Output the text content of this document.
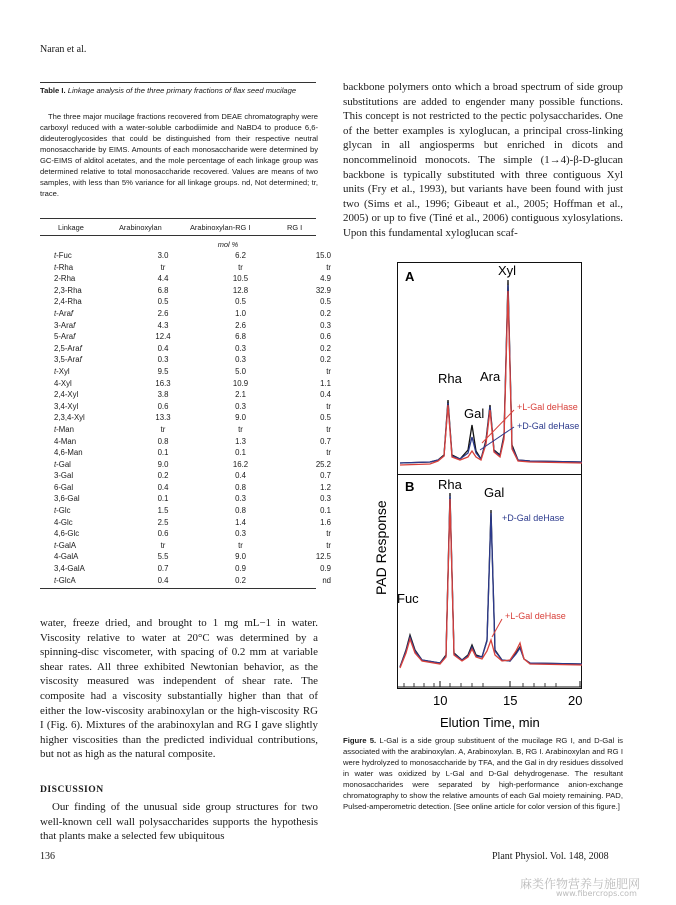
Naran et al.
Table I. Linkage analysis of the three primary fractions of flax seed mucilage
The three major mucilage fractions recovered from DEAE chromatography were carboxyl reduced with a water-soluble carbodiimide and NaBD4 to produce 6,6-dideuteroglycosides that could be distinguished from their respective neutral monosaccharide by EIMS. Amounts of each monosaccharide were determined by GC-EIMS of alditol acetates, and the mole percentage of each linkage group was determined relative to total monosaccharide recovered. Values are means of two samples, with less than 5% variance for all linkage groups. nd, Not determined; tr, trace.
Linkage	Arabinoxylan	Arabinoxylan-RG I	RG I
mol %
t-Fuc	3.0	6.2	15.0
t-Rha	tr	tr	tr
2-Rha	4.4	10.5	4.9
2,3-Rha	6.8	12.8	32.9
2,4-Rha	0.5	0.5	0.5
t-Araf	2.6	1.0	0.2
3-Araf	4.3	2.6	0.3
5-Araf	12.4	6.8	0.6
2,5-Araf	0.4	0.3	0.2
3,5-Araf	0.3	0.3	0.2
t-Xyl	9.5	5.0	tr
4-Xyl	16.3	10.9	1.1
2,4-Xyl	3.8	2.1	0.4
3,4-Xyl	0.6	0.3	tr
2,3,4-Xyl	13.3	9.0	0.5
t-Man	tr	tr	tr
4-Man	0.8	1.3	0.7
4,6-Man	0.1	0.1	tr
t-Gal	9.0	16.2	25.2
3-Gal	0.2	0.4	0.7
6-Gal	0.4	0.8	1.2
3,6-Gal	0.1	0.3	0.3
t-Glc	1.5	0.8	0.1
4-Glc	2.5	1.4	1.6
4,6-Glc	0.6	0.3	tr
t-GalA	tr	tr	tr
4-GalA	5.5	9.0	12.5
3,4-GalA	0.7	0.9	0.9
t-GlcA	0.4	0.2	nd
backbone polymers onto which a broad spectrum of side group substitutions are added to engender many possible functions. This concept is not restricted to the pectic polysaccharides. One of the better examples is xyloglucan, a principal cross-linking glycan in all angiosperms but enriched in dicots and noncommelinoid monocots. The simple (1→4)-β-D-glucan backbone is typically substituted with three contiguous Xyl units (Fry et al., 1993), but variants have been found with just two (Sims et al., 1996; Gibeaut et al., 2005; Hoffman et al., 2005) or up to five (Tiné et al., 2006) contiguous xylosylations. Upon this fundamental xyloglucan scaf-
A
B
PAD Response
Xyl
Rha Ara
Gal	+L-Gal deHase
+D-Gal deHase
Rha
Gal
Fuc
+D-Gal deHase
+L-Gal deHase
10	15	20
Elution Time, min
Figure 5. L-Gal is a side group substituent of the mucilage RG I, and D-Gal is associated with the arabinoxylan. A, Arabinoxylan. B, RG I. Arabinoxylan and RG I were hydrolyzed to monosaccharide by TFA, and the Gal in dry residues dissolved in water was oxidized by L-Gal and D-Gal dehydrogenase. The resultant monosaccharides were separated by high-performance anion-exchange chromatography to show the relative amounts of each Gal moiety remaining. PAD, Pulsed-amperometric detection. [See online article for color version of this figure.]
water, freeze dried, and brought to 1 mg mL−1 in water. Viscosity relative to water at 20°C was determined by a spinning-disc viscometer, with spacing of 0.2 mm at variable shear rates. All three exhibited Newtonian behavior, as the viscosity measured was independent of shear rate. The composite had a viscosity substantially higher than that of either the low-viscosity arabinoxylan or the high-viscosity RG I (Fig. 6). Mixtures of the arabinoxylan and RG I gave slightly higher viscosities than the predicted individual contributions, but not as high as the natural composite.
DISCUSSION
Our finding of the unusual side group structures for two well-known cell wall polysaccharides supports the hypothesis that plants make a selected few ubiquitous
136	Plant Physiol. Vol. 148, 2008
麻类作物营养与施肥网
www.fibercrops.com
